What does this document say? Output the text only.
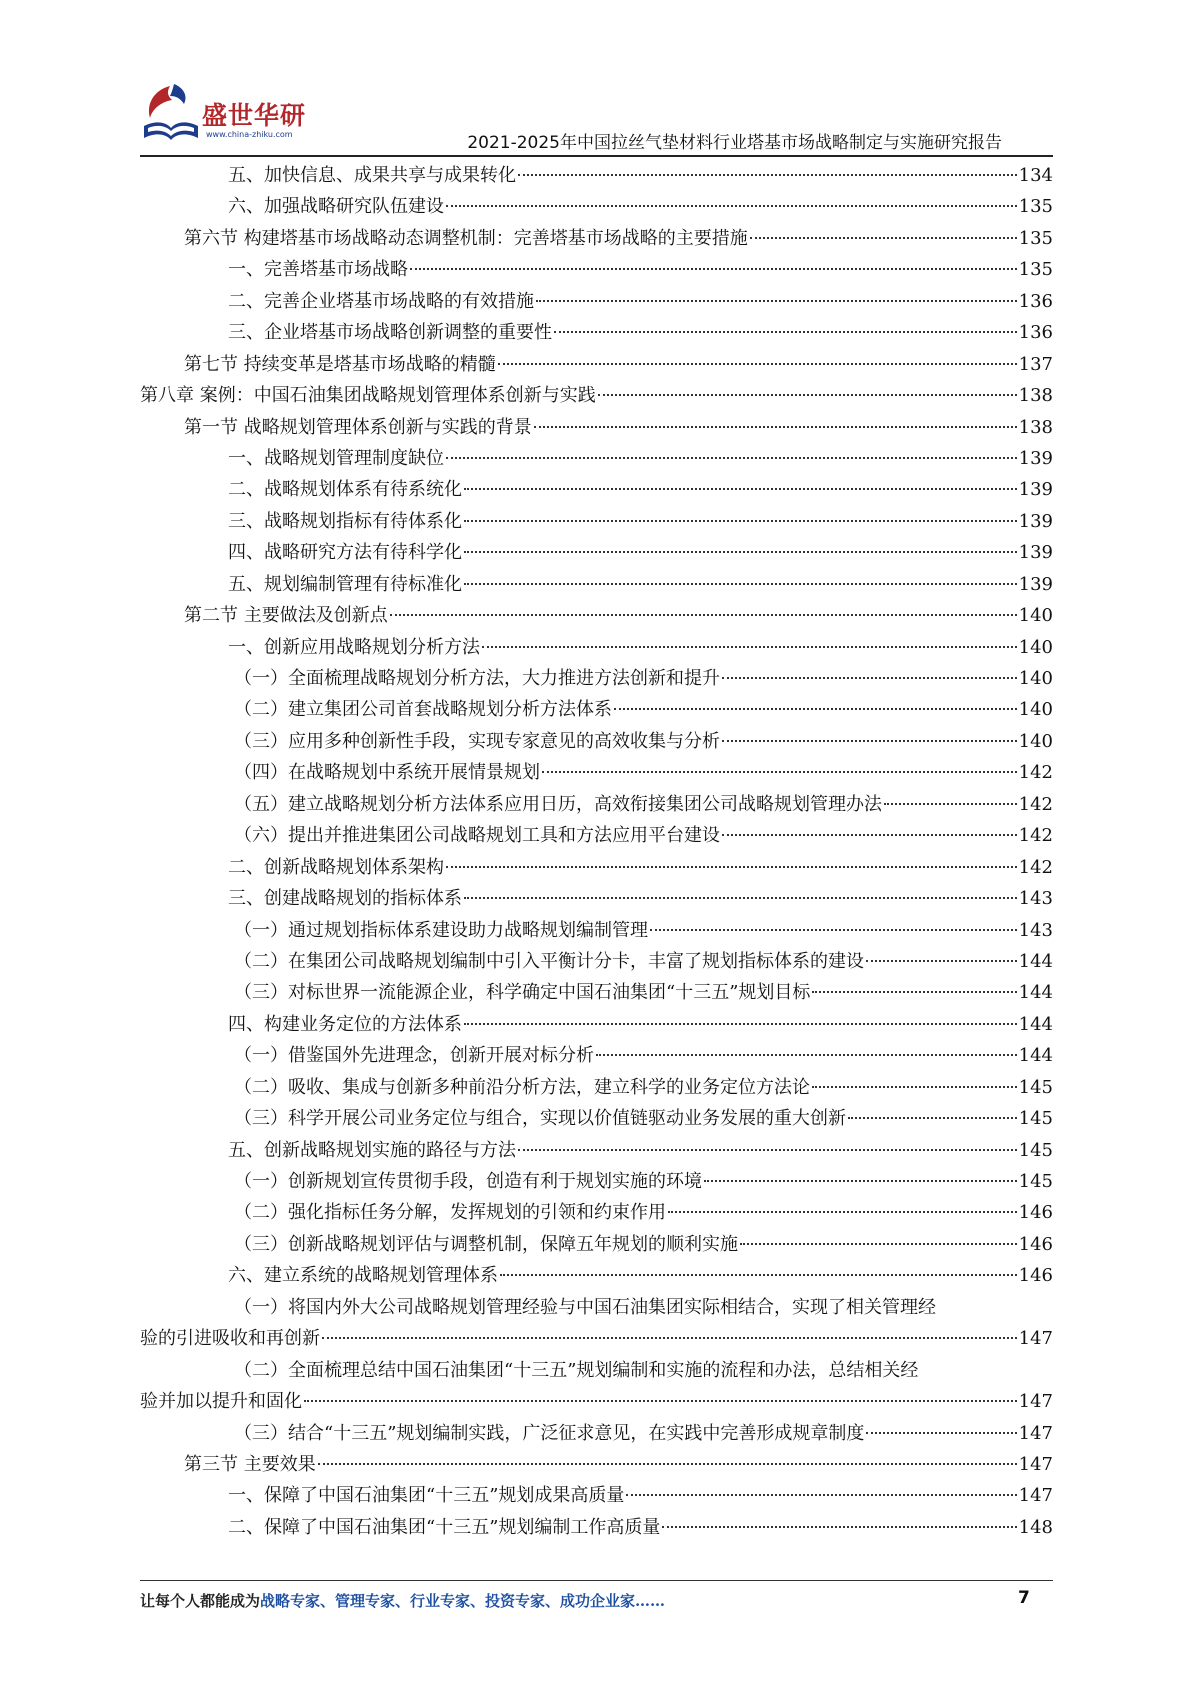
盛世华研
www.china-zhiku.com	2021-2025年中国拉丝气垫材料行业塔基市场战略制定与实施研究报告
五、加快信息、成果共享与成果转化	134
六、加强战略研究队伍建设	135
第六节 构建塔基市场战略动态调整机制：完善塔基市场战略的主要措施	135
一、完善塔基市场战略	135
二、完善企业塔基市场战略的有效措施	136
三、企业塔基市场战略创新调整的重要性	136
第七节 持续变革是塔基市场战略的精髓	137
第八章 案例：中国石油集团战略规划管理体系创新与实践	138
第一节 战略规划管理体系创新与实践的背景	138
一、战略规划管理制度缺位	139
二、战略规划体系有待系统化	139
三、战略规划指标有待体系化	139
四、战略研究方法有待科学化	139
五、规划编制管理有待标准化	139
第二节 主要做法及创新点	140
一、创新应用战略规划分析方法	140
（一）全面梳理战略规划分析方法，大力推进方法创新和提升	140
（二）建立集团公司首套战略规划分析方法体系	140
（三）应用多种创新性手段，实现专家意见的高效收集与分析	140
（四）在战略规划中系统开展情景规划	142
（五）建立战略规划分析方法体系应用日历，高效衔接集团公司战略规划管理办法	142
（六）提出并推进集团公司战略规划工具和方法应用平台建设	142
二、创新战略规划体系架构	142
三、创建战略规划的指标体系	143
（一）通过规划指标体系建设助力战略规划编制管理	143
（二）在集团公司战略规划编制中引入平衡计分卡，丰富了规划指标体系的建设	144
（三）对标世界一流能源企业，科学确定中国石油集团“十三五”规划目标	144
四、构建业务定位的方法体系	144
（一）借鉴国外先进理念，创新开展对标分析	144
（二）吸收、集成与创新多种前沿分析方法，建立科学的业务定位方法论	145
（三）科学开展公司业务定位与组合，实现以价值链驱动业务发展的重大创新	145
五、创新战略规划实施的路径与方法	145
（一）创新规划宣传贯彻手段，创造有利于规划实施的环境	145
（二）强化指标任务分解，发挥规划的引领和约束作用	146
（三）创新战略规划评估与调整机制，保障五年规划的顺利实施	146
六、建立系统的战略规划管理体系	146
（一）将国内外大公司战略规划管理经验与中国石油集团实际相结合，实现了相关管理经
验的引进吸收和再创新	147
（二）全面梳理总结中国石油集团“十三五”规划编制和实施的流程和办法，总结相关经
验并加以提升和固化	147
（三）结合“十三五”规划编制实践，广泛征求意见，在实践中完善形成规章制度	147
第三节 主要效果	147
一、保障了中国石油集团“十三五”规划成果高质量	147
二、保障了中国石油集团“十三五”规划编制工作高质量	148
让每个人都能成为战略专家、管理专家、行业专家、投资专家、成功企业家……	7
